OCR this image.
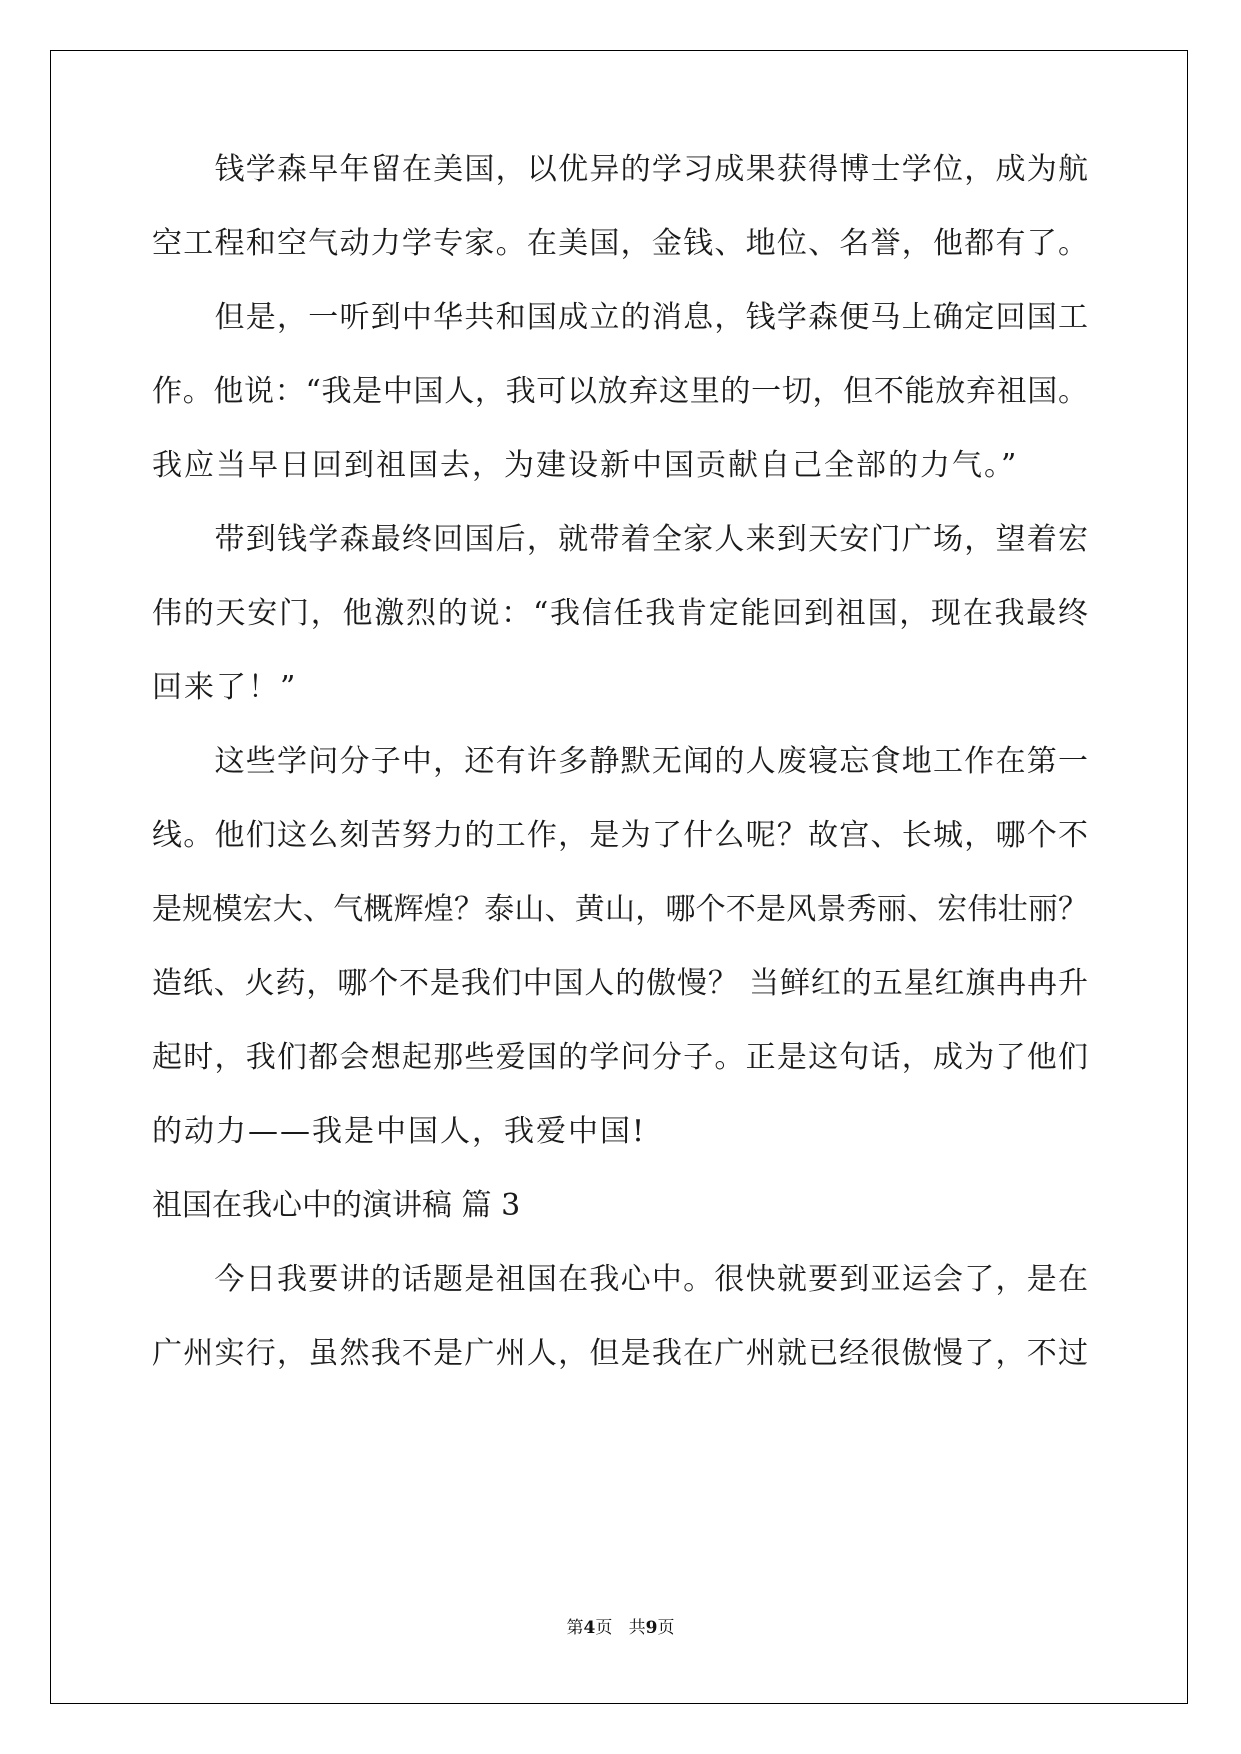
　　钱学森早年留在美国，以优异的学习成果获得博士学位，成为航

空工程和空气动力学专家。在美国，金钱、地位、名誉，他都有了。

　　但是，一听到中华共和国成立的消息，钱学森便马上确定回国工

作。他说：“我是中国人，我可以放弃这里的一切，但不能放弃祖国。

我应当早日回到祖国去，为建设新中国贡献自己全部的力气。”

　　带到钱学森最终回国后，就带着全家人来到天安门广场，望着宏

伟的天安门，他激烈的说：“我信任我肯定能回到祖国，现在我最终

回来了！”

　　这些学问分子中，还有许多静默无闻的人废寝忘食地工作在第一

线。他们这么刻苦努力的工作，是为了什么呢？故宫、长城，哪个不

是规模宏大、气概辉煌？泰山、黄山，哪个不是风景秀丽、宏伟壮丽？

造纸、火药，哪个不是我们中国人的傲慢？ 当鲜红的五星红旗冉冉升

起时，我们都会想起那些爱国的学问分子。正是这句话，成为了他们

的动力——我是中国人，我爱中国!

祖国在我心中的演讲稿 篇 3

　　今日我要讲的话题是祖国在我心中。很快就要到亚运会了，是在

广州实行，虽然我不是广州人，但是我在广州就已经很傲慢了，不过

第4页   共9页
